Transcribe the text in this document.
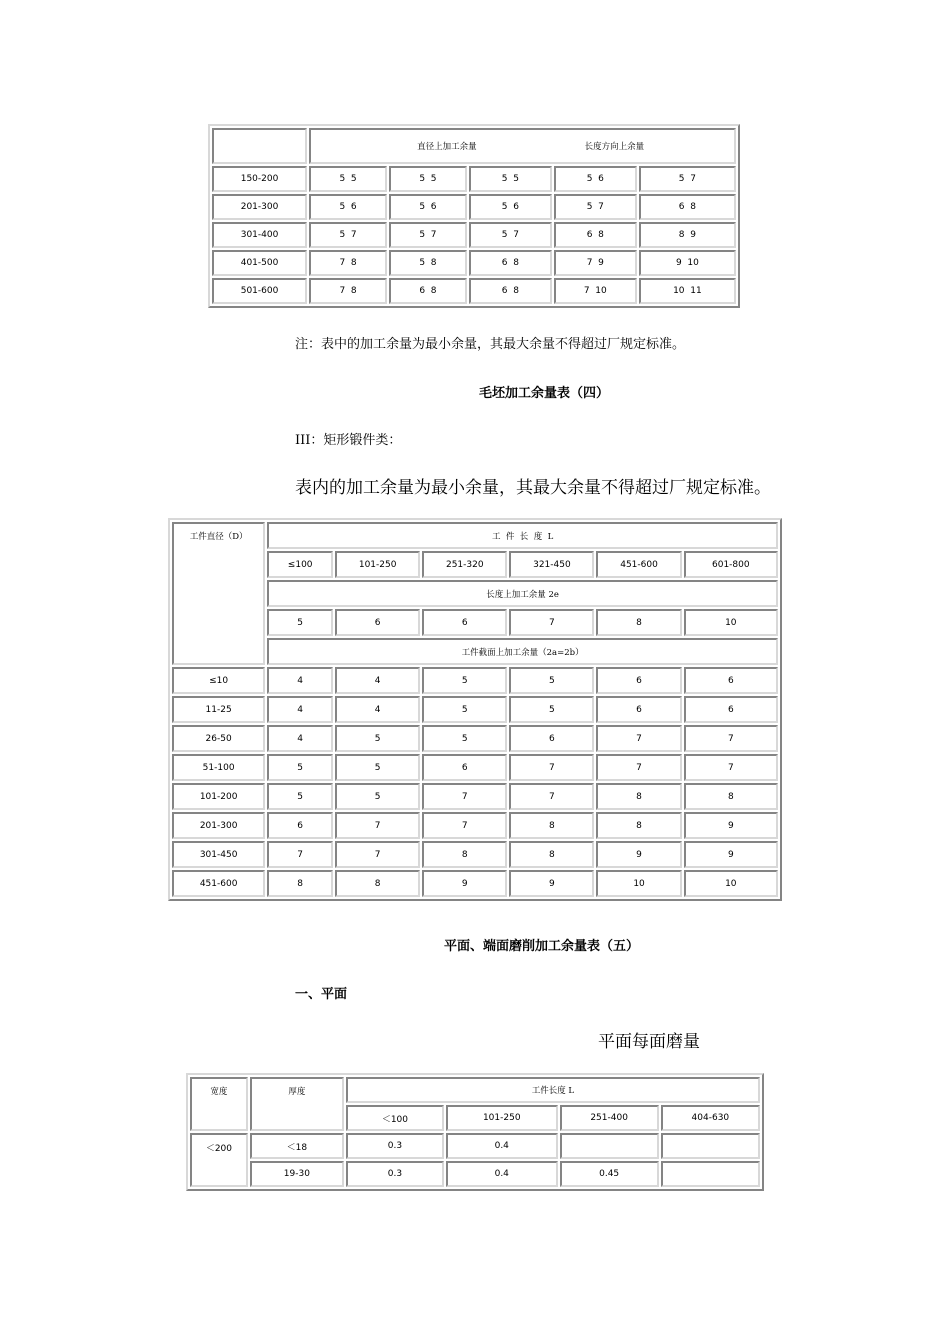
直径上加工余量 长度方向上余量				

150-200	5  5	5  5	5  5	5  6	5  7
201-300	5  6	5  6	5  6	5  7	6  8
301-400	5  7	5  7	5  7	6  8	8  9
401-500	7  8	5  8	6  8	7  9	9  10
501-600	7  8	6  8	6  8	7  10	10  11
注：表中的加工余量为最小余量，其最大余量不得超过厂规定标准。
毛坯加工余量表（四）
III：矩形锻件类：
表内的加工余量为最小余量，其最大余量不得超过厂规定标准。
工件直径（D）	工  件  长  度  L					
	≤100	101-250	251-320	321-450	451-600	601-800
	长度上加工余量 2e					
	5	6	6	7	8	10
	工件截面上加工余量（2a=2b）					
≤10	4	4	5	5	6	6
11-25	4	4	5	5	6	6
26-50	4	5	5	6	7	7
51-100	5	5	6	7	7	7
101-200	5	5	7	7	8	8
201-300	6	7	7	8	8	9
301-450	7	7	8	8	9	9
451-600	8	8	9	9	10	10
平面、端面磨削加工余量表（五）
一、平面
平面每面磨量
宽度	厚度	工件长度 L			
		＜100	101-250	251-400	404-630
＜200	＜18	0.3	0.4		
	19-30	0.3	0.4	0.45	
